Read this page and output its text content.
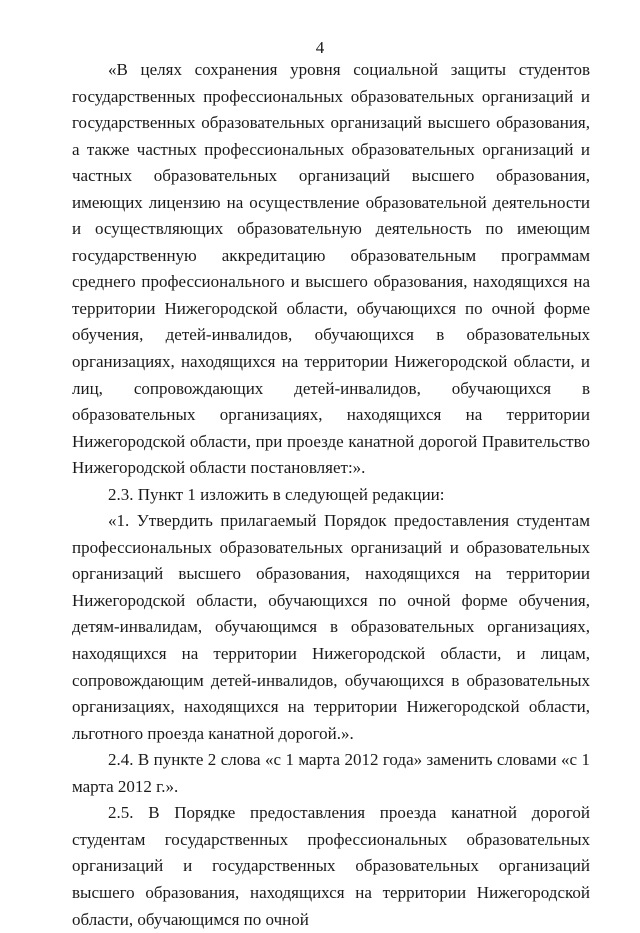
4

«В целях сохранения уровня социальной защиты студентов государственных профессиональных образовательных организаций и государственных образовательных организаций высшего образования, а также частных профессиональных образовательных организаций и частных образовательных организаций высшего образования, имеющих лицензию на осуществление образовательной деятельности и осуществляющих образовательную деятельность по имеющим государственную аккредитацию образовательным программам среднего профессионального и высшего образования, находящихся на территории Нижегородской области, обучающихся по очной форме обучения, детей-инвалидов, обучающихся в образовательных организациях, находящихся на территории Нижегородской области, и лиц, сопровождающих детей-инвалидов, обучающихся в образовательных организациях, находящихся на территории Нижегородской области, при проезде канатной дорогой Правительство Нижегородской области постановляет:».

2.3. Пункт 1 изложить в следующей редакции:

«1. Утвердить прилагаемый Порядок предоставления студентам профессиональных образовательных организаций и образовательных организаций высшего образования, находящихся на территории Нижегородской области, обучающихся по очной форме обучения, детям-инвалидам, обучающимся в образовательных организациях, находящихся на территории Нижегородской области, и лицам, сопровождающим детей-инвалидов, обучающихся в образовательных организациях, находящихся на территории Нижегородской области, льготного проезда канатной дорогой.».

2.4. В пункте 2 слова «с 1 марта 2012 года» заменить словами «с 1 марта 2012 г.».

2.5. В Порядке предоставления проезда канатной дорогой студентам государственных профессиональных образовательных организаций и государственных образовательных организаций высшего образования, находящихся на территории Нижегородской области, обучающимся по очной
